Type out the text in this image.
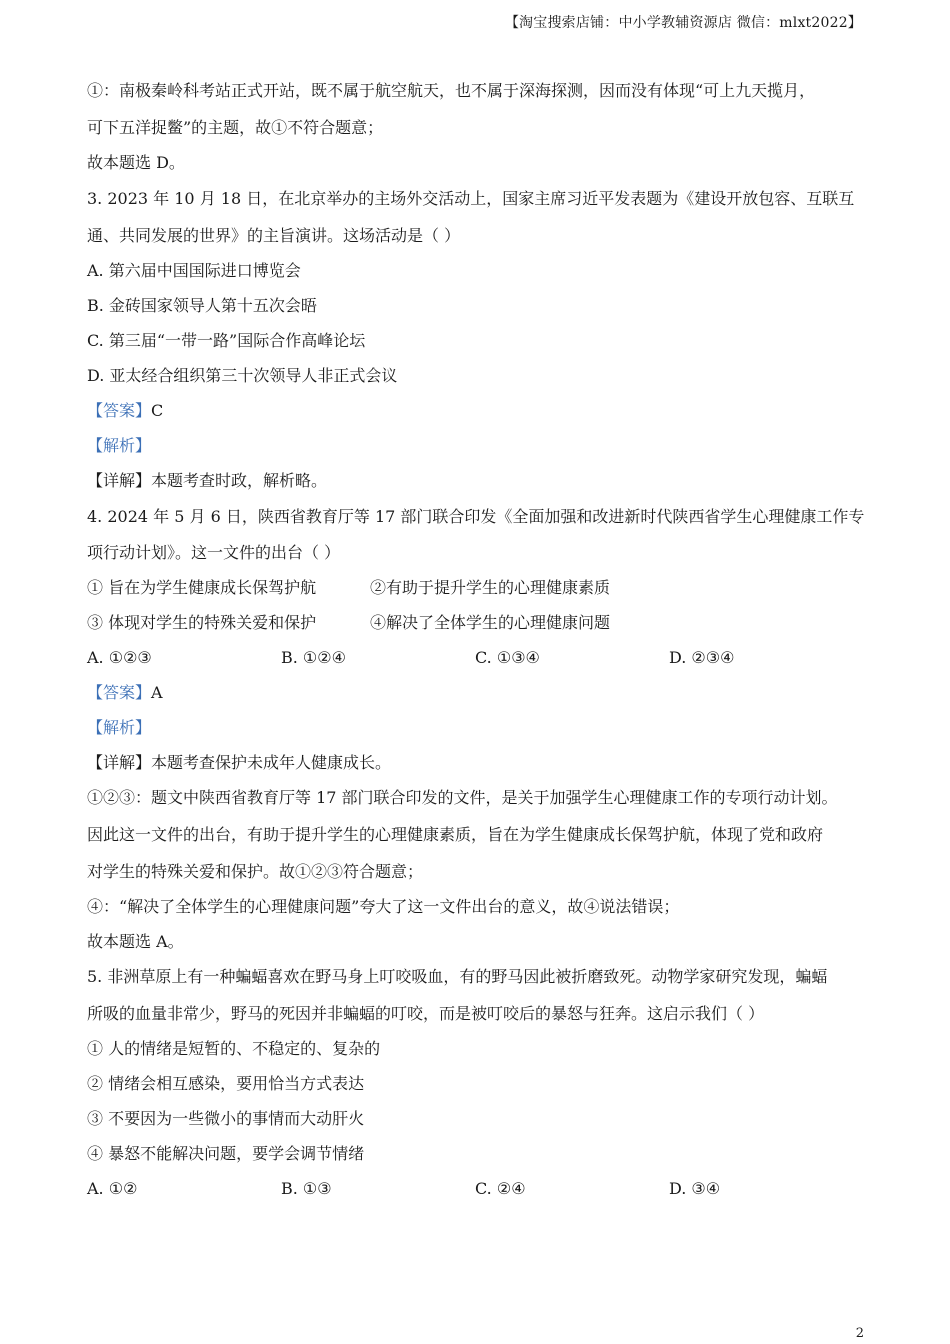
【淘宝搜索店铺：中小学教辅资源店 微信：mlxt2022】
①：南极秦岭科考站正式开站，既不属于航空航天，也不属于深海探测，因而没有体现“可上九天揽月，
可下五洋捉鳖”的主题，故①不符合题意；
故本题选 D。
3. 2023 年 10 月 18 日，在北京举办的主场外交活动上，国家主席习近平发表题为《建设开放包容、互联互
通、共同发展的世界》的主旨演讲。这场活动是（ ）
A. 第六届中国国际进口博览会
B. 金砖国家领导人第十五次会晤
C. 第三届“一带一路”国际合作高峰论坛
D. 亚太经合组织第三十次领导人非正式会议
【答案】C
【解析】
【详解】本题考查时政，解析略。
4. 2024 年 5 月 6 日，陕西省教育厅等 17 部门联合印发《全面加强和改进新时代陕西省学生心理健康工作专
项行动计划》。这一文件的出台（ ）
① 旨在为学生健康成长保驾护航	②有助于提升学生的心理健康素质
③ 体现对学生的特殊关爱和保护	④解决了全体学生的心理健康问题
A. ①②③	B. ①②④	C. ①③④	D. ②③④
【答案】A
【解析】
【详解】本题考查保护未成年人健康成长。
①②③：题文中陕西省教育厅等 17 部门联合印发的文件，是关于加强学生心理健康工作的专项行动计划。
因此这一文件的出台，有助于提升学生的心理健康素质，旨在为学生健康成长保驾护航，体现了党和政府
对学生的特殊关爱和保护。故①②③符合题意；
④：“解决了全体学生的心理健康问题”夸大了这一文件出台的意义，故④说法错误；
故本题选 A。
5. 非洲草原上有一种蝙蝠喜欢在野马身上叮咬吸血，有的野马因此被折磨致死。动物学家研究发现，蝙蝠
所吸的血量非常少，野马的死因并非蝙蝠的叮咬，而是被叮咬后的暴怒与狂奔。这启示我们（ ）
① 人的情绪是短暂的、不稳定的、复杂的
② 情绪会相互感染，要用恰当方式表达
③ 不要因为一些微小的事情而大动肝火
④ 暴怒不能解决问题，要学会调节情绪
A. ①②	B. ①③	C. ②④	D. ③④
2
